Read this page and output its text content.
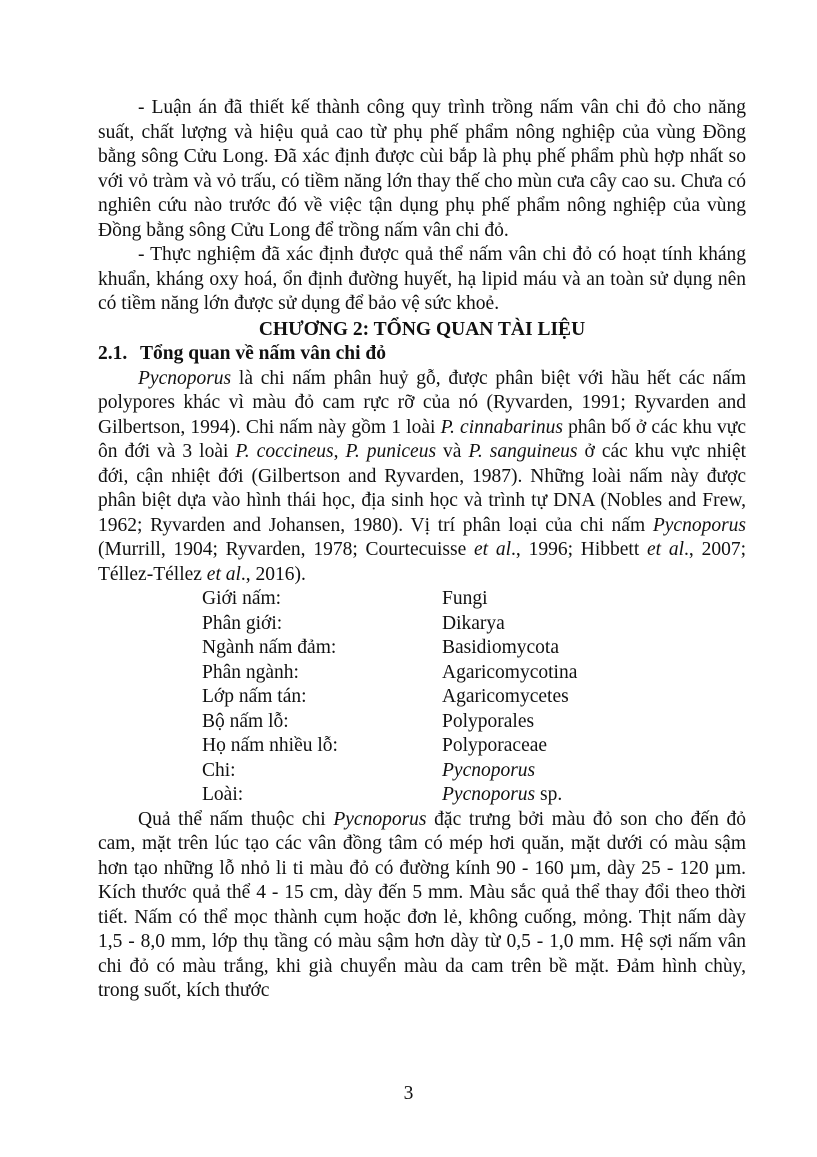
- Luận án đã thiết kế thành công quy trình trồng nấm vân chi đỏ cho năng suất, chất lượng và hiệu quả cao từ phụ phế phẩm nông nghiệp của vùng Đồng bằng sông Cửu Long. Đã xác định được cùi bắp là phụ phế phẩm phù hợp nhất so với vỏ tràm và vỏ trấu, có tiềm năng lớn thay thế cho mùn cưa cây cao su. Chưa có nghiên cứu nào trước đó về việc tận dụng phụ phế phẩm nông nghiệp của vùng Đồng bằng sông Cửu Long để trồng nấm vân chi đỏ.

- Thực nghiệm đã xác định được quả thể nấm vân chi đỏ có hoạt tính kháng khuẩn, kháng oxy hoá, ổn định đường huyết, hạ lipid máu và an toàn sử dụng nên có tiềm năng lớn được sử dụng để bảo vệ sức khoẻ.

CHƯƠNG 2: TỔNG QUAN TÀI LIỆU
2.1. Tổng quan về nấm vân chi đỏ

Pycnoporus là chi nấm phân huỷ gỗ, được phân biệt với hầu hết các nấm polypores khác vì màu đỏ cam rực rỡ của nó (Ryvarden, 1991; Ryvarden and Gilbertson, 1994). Chi nấm này gồm 1 loài P. cinnabarinus phân bố ở các khu vực ôn đới và 3 loài P. coccineus, P. puniceus và P. sanguineus ở các khu vực nhiệt đới, cận nhiệt đới (Gilbertson and Ryvarden, 1987). Những loài nấm này được phân biệt dựa vào hình thái học, địa sinh học và trình tự DNA (Nobles and Frew, 1962; Ryvarden and Johansen, 1980). Vị trí phân loại của chi nấm Pycnoporus (Murrill, 1904; Ryvarden, 1978; Courtecuisse et al., 1996; Hibbett et al., 2007; Téllez-Téllez et al., 2016).

Giới nấm:	Fungi
Phân giới:	Dikarya
Ngành nấm đảm:	Basidiomycota
Phân ngành:	Agaricomycotina
Lớp nấm tán:	Agaricomycetes
Bộ nấm lỗ:	Polyporales
Họ nấm nhiều lỗ:	Polyporaceae
Chi:	Pycnoporus
Loài:	Pycnoporus sp.

Quả thể nấm thuộc chi Pycnoporus đặc trưng bởi màu đỏ son cho đến đỏ cam, mặt trên lúc tạo các vân đồng tâm có mép hơi quăn, mặt dưới có màu sậm hơn tạo những lỗ nhỏ li ti màu đỏ có đường kính 90 - 160 µm, dày 25 - 120 µm. Kích thước quả thể 4 - 15 cm, dày đến 5 mm. Màu sắc quả thể thay đổi theo thời tiết. Nấm có thể mọc thành cụm hoặc đơn lẻ, không cuống, mỏng. Thịt nấm dày 1,5 - 8,0 mm, lớp thụ tầng có màu sậm hơn dày từ 0,5 - 1,0 mm. Hệ sợi nấm vân chi đỏ có màu trắng, khi già chuyển màu da cam trên bề mặt. Đảm hình chùy, trong suốt, kích thước

3
